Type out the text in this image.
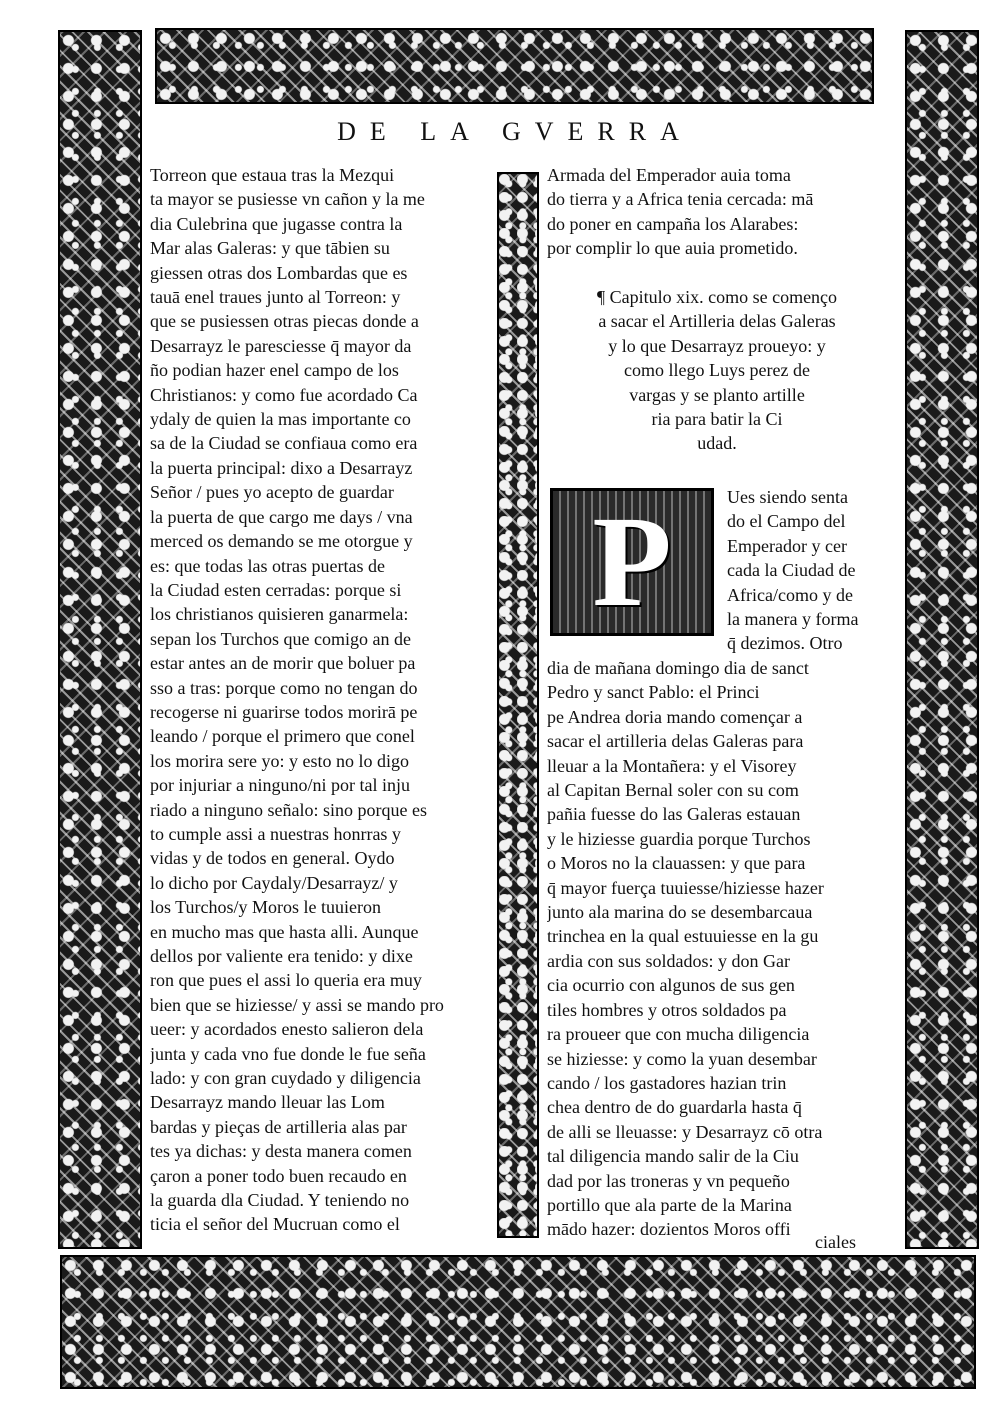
DE LA GVERRA
Torreon que estaua tras la Mezqui
ta mayor se pusiesse vn cañon y la me
dia Culebrina que jugasse contra la
Mar alas Galeras: y que tābien su
giessen otras dos Lombardas que es
tauā enel traues junto al Torreon: y
que se pusiessen otras piecas donde a
Desarrayz le paresciesse q̄ mayor da
ño podian hazer enel campo de los
Christianos: y como fue acordado Ca
ydaly de quien la mas importante co
sa de la Ciudad se confiaua como era
la puerta principal: dixo a Desarrayz
Señor / pues yo acepto de guardar
la puerta de que cargo me days / vna
merced os demando se me otorgue y
es: que todas las otras puertas de
la Ciudad esten cerradas: porque si
los christianos quisieren ganarmela:
sepan los Turchos que comigo an de
estar antes an de morir que boluer pa
sso a tras: porque como no tengan do
recogerse ni guarirse todos morirā pe
leando / porque el primero que conel
los morira sere yo: y esto no lo digo
por injuriar a ninguno/ni por tal inju
riado a ninguno señalo: sino porque es
to cumple assi a nuestras honrras y
vidas y de todos en general. Oydo
lo dicho por Caydaly/Desarrayz/ y
los Turchos/y Moros le tuuieron
en mucho mas que hasta alli. Aunque
dellos por valiente era tenido: y dixe
ron que pues el assi lo queria era muy
bien que se hiziesse/ y assi se mando pro
ueer: y acordados enesto salieron dela
junta y cada vno fue donde le fue seña
lado: y con gran cuydado y diligencia
Desarrayz mando lleuar las Lom
bardas y pieças de artilleria alas par
tes ya dichas: y desta manera comen
çaron a poner todo buen recaudo en
la guarda dla Ciudad. Y teniendo no
ticia el señor del Mucruan como el
Armada del Emperador auia toma
do tierra y a Africa tenia cercada: mā
do poner en campaña los Alarabes:
por complir lo que auia prometido.
¶ Capitulo xix. como se començo
a sacar el Artilleria delas Galeras
y lo que Desarrayz proueyo: y
como llego Luys perez de
vargas y se planto artille
ria para batir la Ci
udad.
P	Ues siendo senta
do el Campo del
Emperador y cer
cada la Ciudad de
Africa/como y de
la manera y forma
q̄ dezimos. Otro
dia de mañana domingo dia de sanct
Pedro y sanct Pablo: el Princi
pe Andrea doria mando començar a
sacar el artilleria delas Galeras para
lleuar a la Montañera: y el Visorey
al Capitan Bernal soler con su com
pañia fuesse do las Galeras estauan
y le hiziesse guardia porque Turchos
o Moros no la clauassen: y que para
q̄ mayor fuerça tuuiesse/hiziesse hazer
junto ala marina do se desembarcaua
trinchea en la qual estuuiesse en la gu
ardia con sus soldados: y don Gar
cia ocurrio con algunos de sus gen
tiles hombres y otros soldados pa
ra proueer que con mucha diligencia
se hiziesse: y como la yuan desembar
cando / los gastadores hazian trin
chea dentro de do guardarla hasta q̄
de alli se lleuasse: y Desarrayz cō otra
tal diligencia mando salir de la Ciu
dad por las troneras y vn pequeño
portillo que ala parte de la Marina
mādo hazer: dozientos Moros offi
ciales
